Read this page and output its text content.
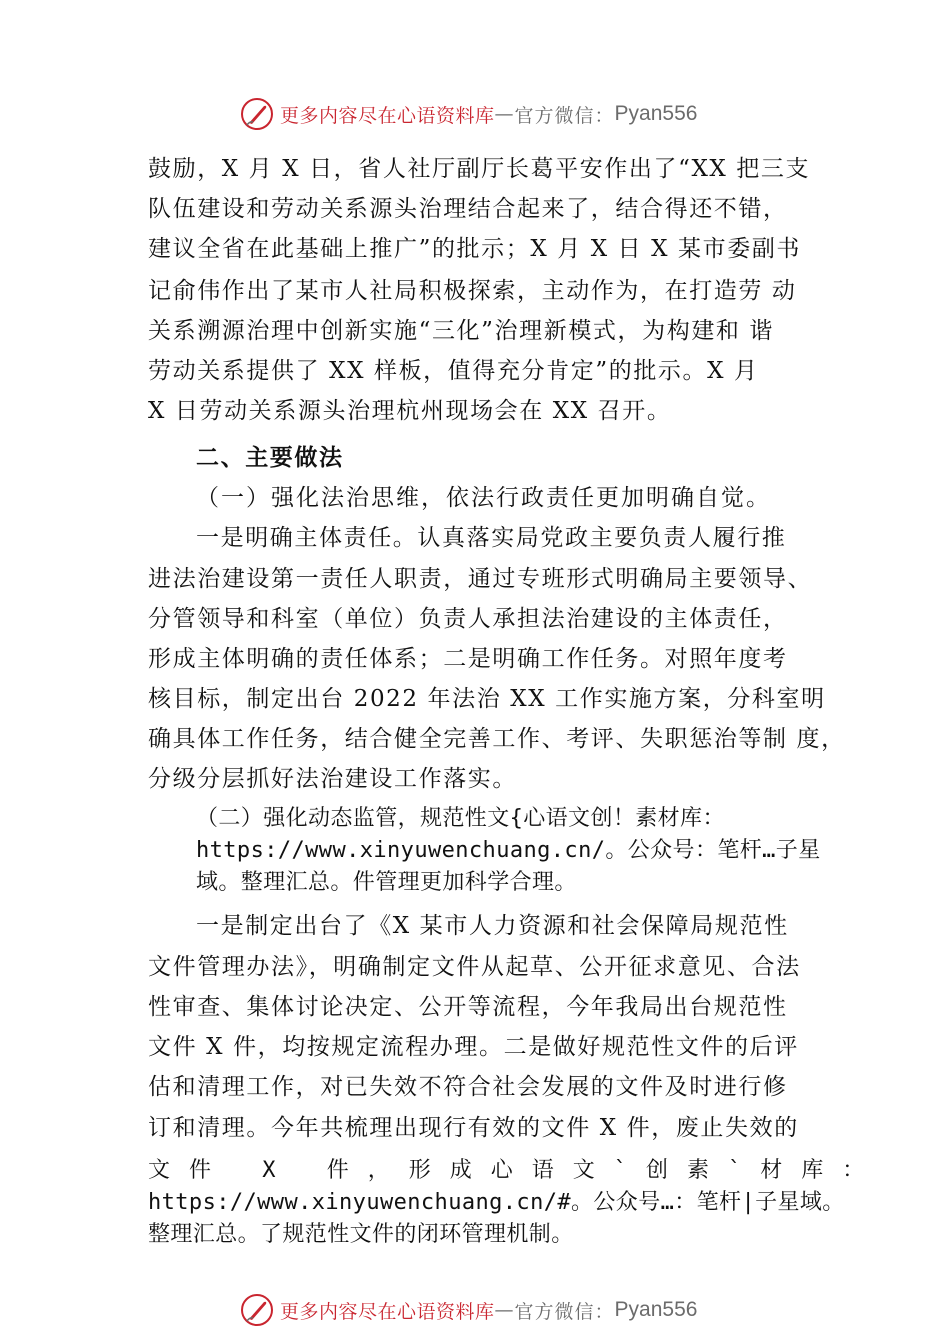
更多内容尽在心语资料库 — 官方微信： Pyan556
鼓励，X 月 X 日，省人社厅副厅长葛平安作出了“XX 把三支
队伍建设和劳动关系源头治理结合起来了，结合得还不错，
建议全省在此基础上推广”的批示；X 月 X 日 X 某市委副书
记俞伟作出了某市人社局积极探索，主动作为，在打造劳 动
关系溯源治理中创新实施“三化”治理新模式，为构建和 谐
劳动关系提供了 XX 样板，值得充分肯定”的批示。X 月
X 日劳动关系源头治理杭州现场会在 XX 召开。
二、主要做法
（一）强化法治思维，依法行政责任更加明确自觉。
一是明确主体责任。认真落实局党政主要负责人履行推
进法治建设第一责任人职责，通过专班形式明确局主要领导、
分管领导和科室（单位）负责人承担法治建设的主体责任，
形成主体明确的责任体系；二是明确工作任务。对照年度考
核目标，制定出台 2022 年法治 XX 工作实施方案，分科室明
确具体工作任务，结合健全完善工作、考评、失职惩治等制 度，
分级分层抓好法治建设工作落实。
（二）强化动态监管，规范性文{心语文创！素材库：
https://www.xinyuwenchuang.cn/。公众号：笔杆…子星
域。整理汇总。件管理更加科学合理。
一是制定出台了《X 某市人力资源和社会保障局规范性
文件管理办法》，明确制定文件从起草、公开征求意见、合法
性审查、集体讨论决定、公开等流程，今年我局出台规范性
文件 X 件，均按规定流程办理。二是做好规范性文件的后评
估和清理工作，对已失效不符合社会发展的文件及时进行修
订和清理。今年共梳理出现行有效的文件 X 件，废止失效的
文件 X 件，形成心语文`创素`材库：
https://www.xinyuwenchuang.cn/#。公众号…：笔杆|子星域。
整理汇总。了规范性文件的闭环管理机制。
更多内容尽在心语资料库 — 官方微信： Pyan556
